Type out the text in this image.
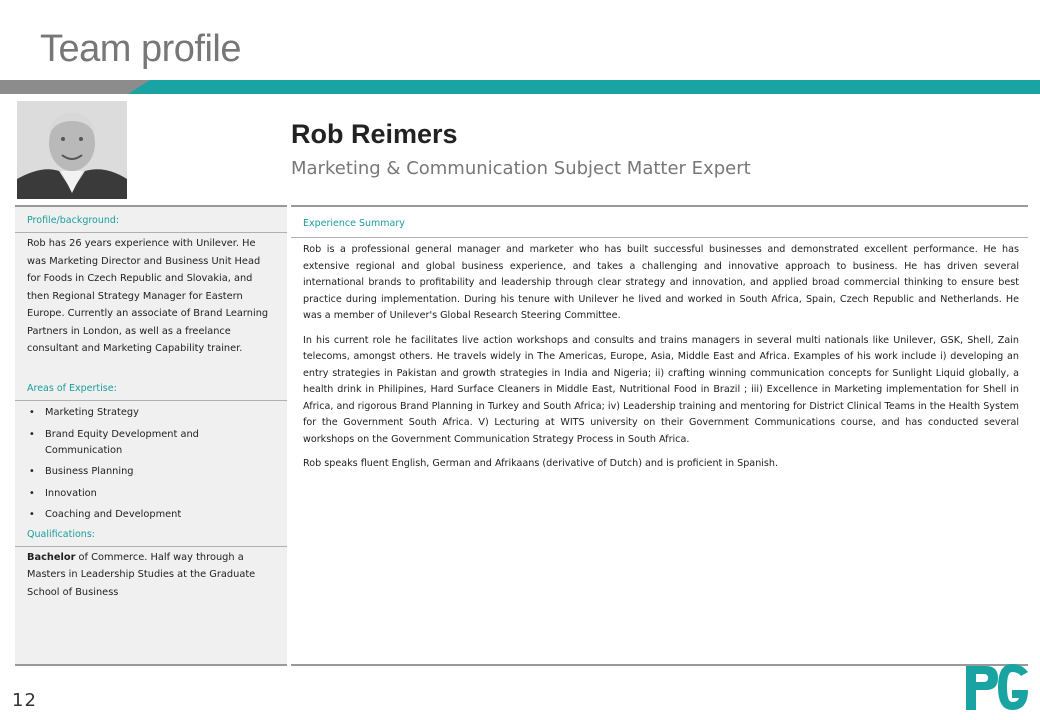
Team profile
Rob Reimers
Marketing & Communication Subject Matter Expert
Profile/background:
Rob has 26 years experience with Unilever. He was Marketing Director and Business Unit Head for Foods in Czech Republic and Slovakia, and then Regional Strategy Manager for Eastern Europe. Currently an associate of Brand Learning Partners in London, as well as a freelance consultant and Marketing Capability trainer.
Areas of Expertise:
• Marketing Strategy
• Brand Equity Development and Communication
• Business Planning
• Innovation
• Coaching and Development
Qualifications:
Bachelor of Commerce. Half way through a Masters in Leadership Studies at the Graduate School of Business
Experience Summary

Rob is a professional general manager and marketer who has built successful businesses and demonstrated excellent performance. He has extensive regional and global business experience, and takes a challenging and innovative approach to business. He has driven several international brands to profitability and leadership through clear strategy and innovation, and applied broad commercial thinking to ensure best practice during implementation. During his tenure with Unilever he lived and worked in South Africa, Spain, Czech Republic and Netherlands. He was a member of Unilever's Global Research Steering Committee.

In his current role he facilitates live action workshops and consults and trains managers in several multi nationals like Unilever, GSK, Shell, Zain telecoms, amongst others. He travels widely in The Americas, Europe, Asia, Middle East and Africa. Examples of his work include i) developing an entry strategies in Pakistan and growth strategies in India and Nigeria; ii) crafting winning communication concepts for Sunlight Liquid globally, a health drink in Philipines, Hard Surface Cleaners in Middle East, Nutritional Food in Brazil ; iii) Excellence in Marketing implementation for Shell in Africa, and rigorous Brand Planning in Turkey and South Africa; iv) Leadership training and mentoring for District Clinical Teams in the Health System for the Government South Africa. V) Lecturing at WITS university on their Government Communications course, and has conducted several workshops on the Government Communication Strategy Process in South Africa.

Rob speaks fluent English, German and Afrikaans (derivative of Dutch) and is proficient in Spanish.

12
